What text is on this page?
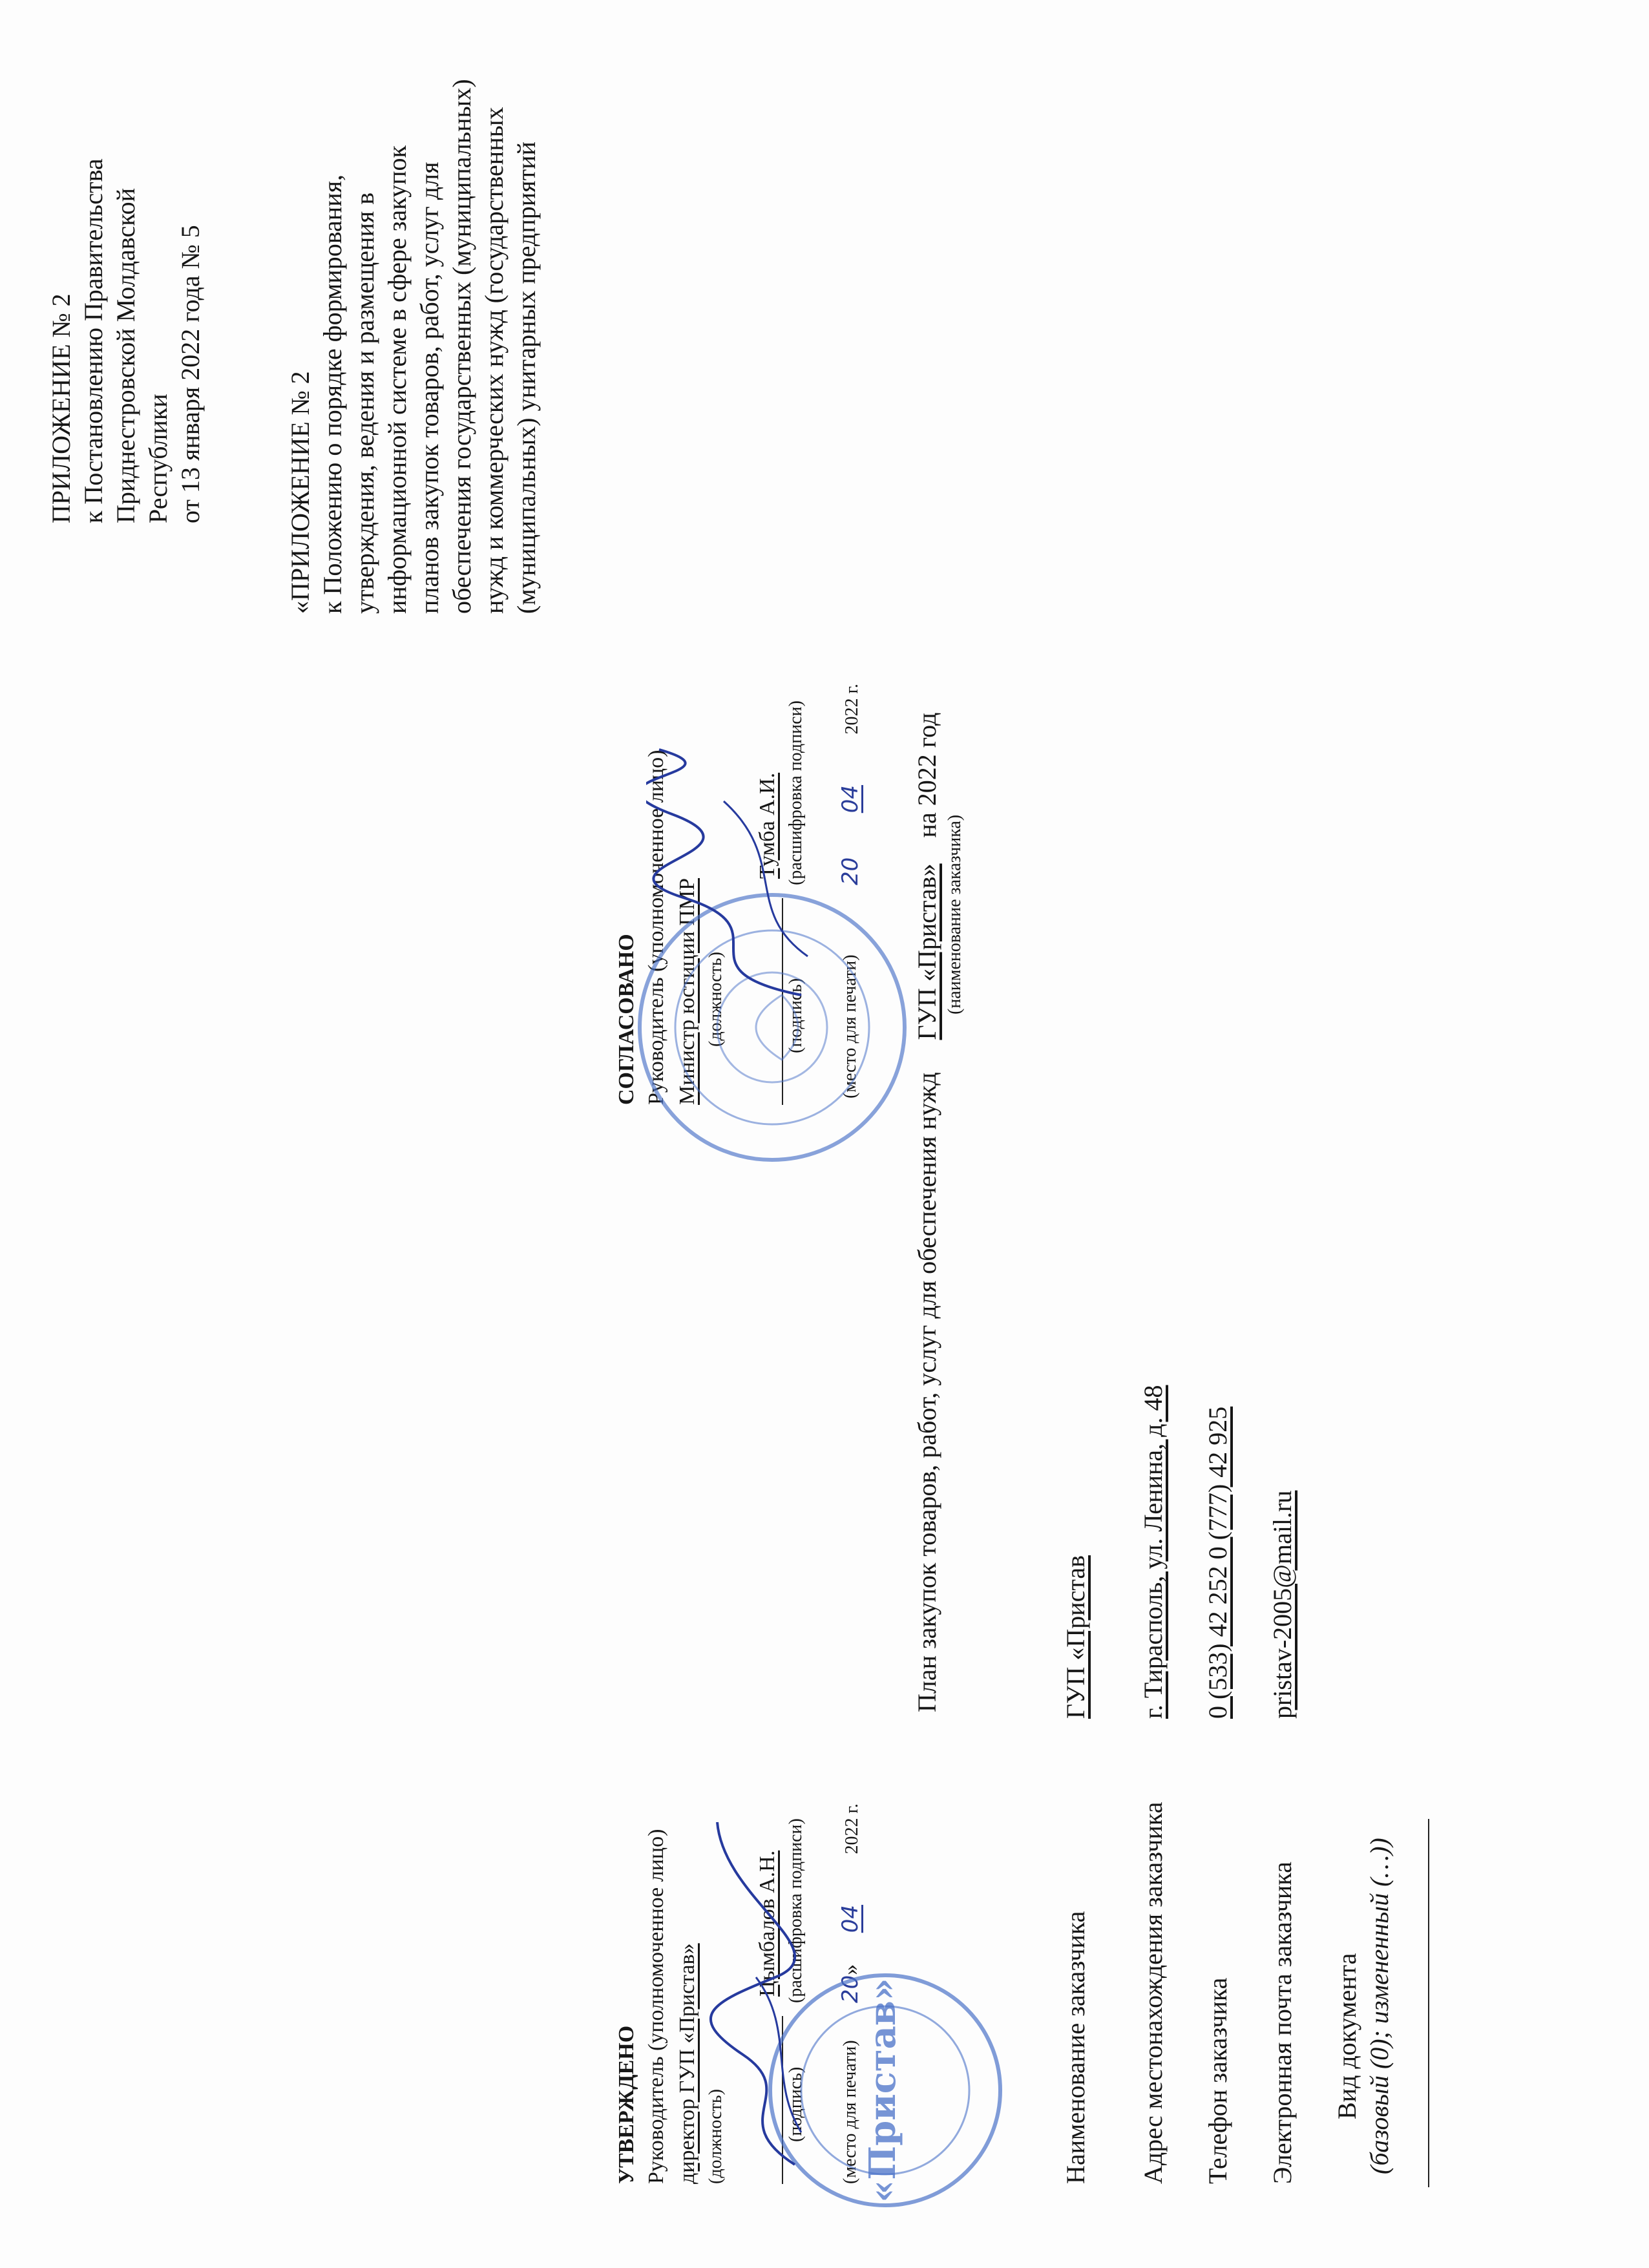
ПРИЛОЖЕНИЕ № 2 к Постановлению Правительства Приднестровской Молдавской Республики от 13 января 2022 года № 5	«ПРИЛОЖЕНИЕ № 2 к Положению о порядке формирования, утверждения, ведения и размещения в информационной системе в сфере закупок планов закупок товаров, работ, услуг для обеспечения государственных (муниципальных) нужд и коммерческих нужд (государственных (муниципальных) унитарных предприятий
УТВЕРЖДЕНО Руководитель (уполномоченное лицо) директор ГУП «Пристав» (должность)
Цымбалов А.Н.
(подпись)
(расшифровка подписи)
(место для печати)
20» 04 2022 г.
«Пристав»
СОГЛАСОВАНО Руководитель (уполномоченное лицо) Министр юстиции ПМР (должность)
Тумба А.И.
(подпись)
(расшифровка подписи)
(место для печати)
20 04 2022 г.
План закупок товаров, работ, услуг для обеспечения нужд ГУП «Пристав» на 2022 год
(наименование заказчика)
Наименование заказчика
ГУП «Пристав
Адрес местонахождения заказчика
г. Тирасполь, ул. Ленина, д. 48
Телефон заказчика
0 (533) 42 252 0 (777) 42 925
Электронная почта заказчика
pristav-2005@mail.ru
Вид документа (базовый (0); измененный (…))
